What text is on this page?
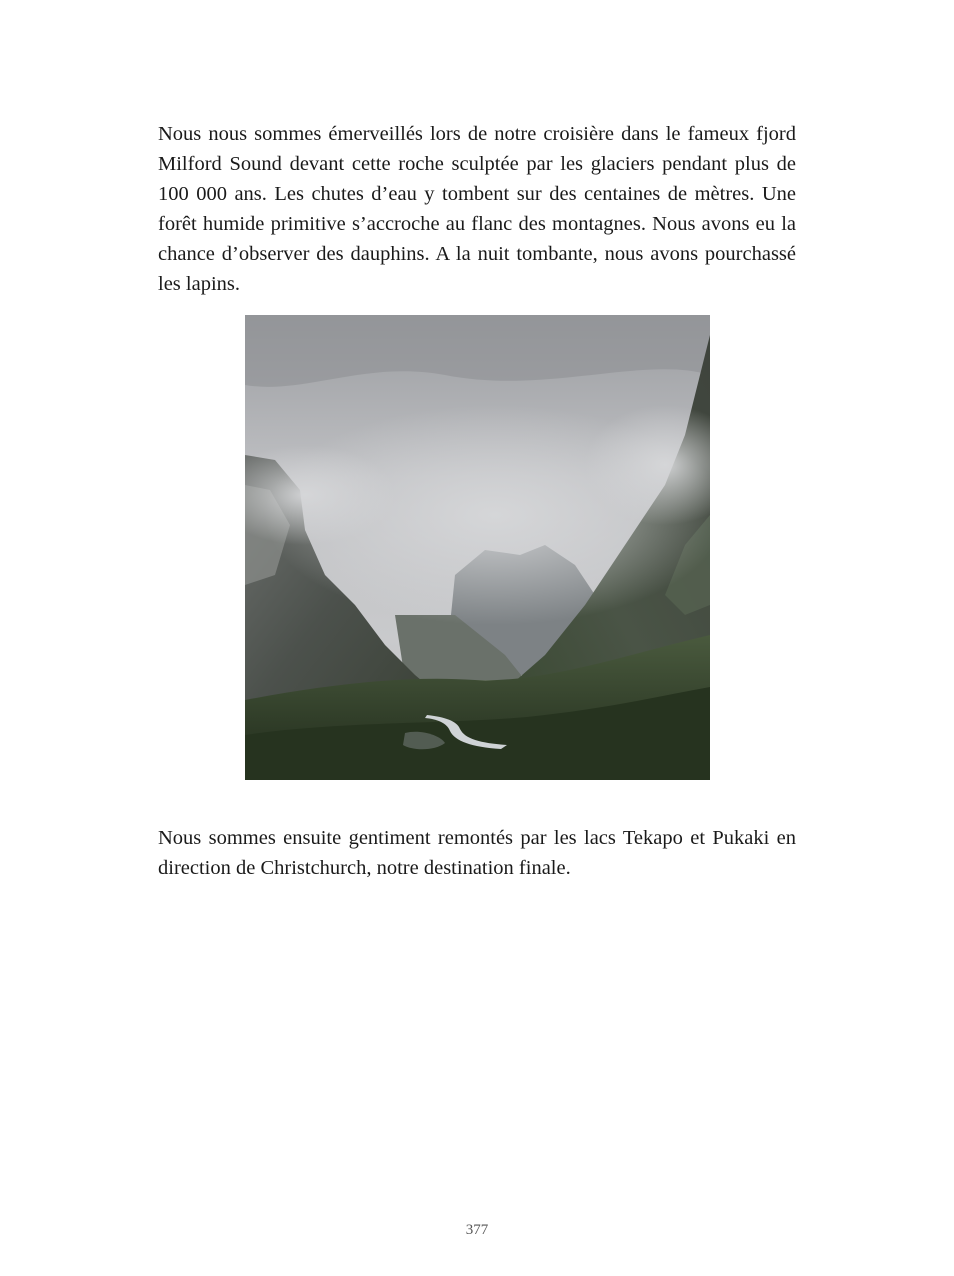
Nous nous sommes émerveillés lors de notre croisière dans le fameux fjord Milford Sound devant cette roche sculptée par les glaciers pendant plus de 100 000 ans. Les chutes d’eau y tombent sur des centaines de mètres. Une forêt humide primitive s’accroche au flanc des montagnes. Nous avons eu la chance d’observer des dauphins. A la nuit tombante, nous avons pourchassé les lapins.

Nous sommes ensuite gentiment remontés par les lacs Tekapo et Pukaki en direction de Christchurch, notre destination finale.

377
